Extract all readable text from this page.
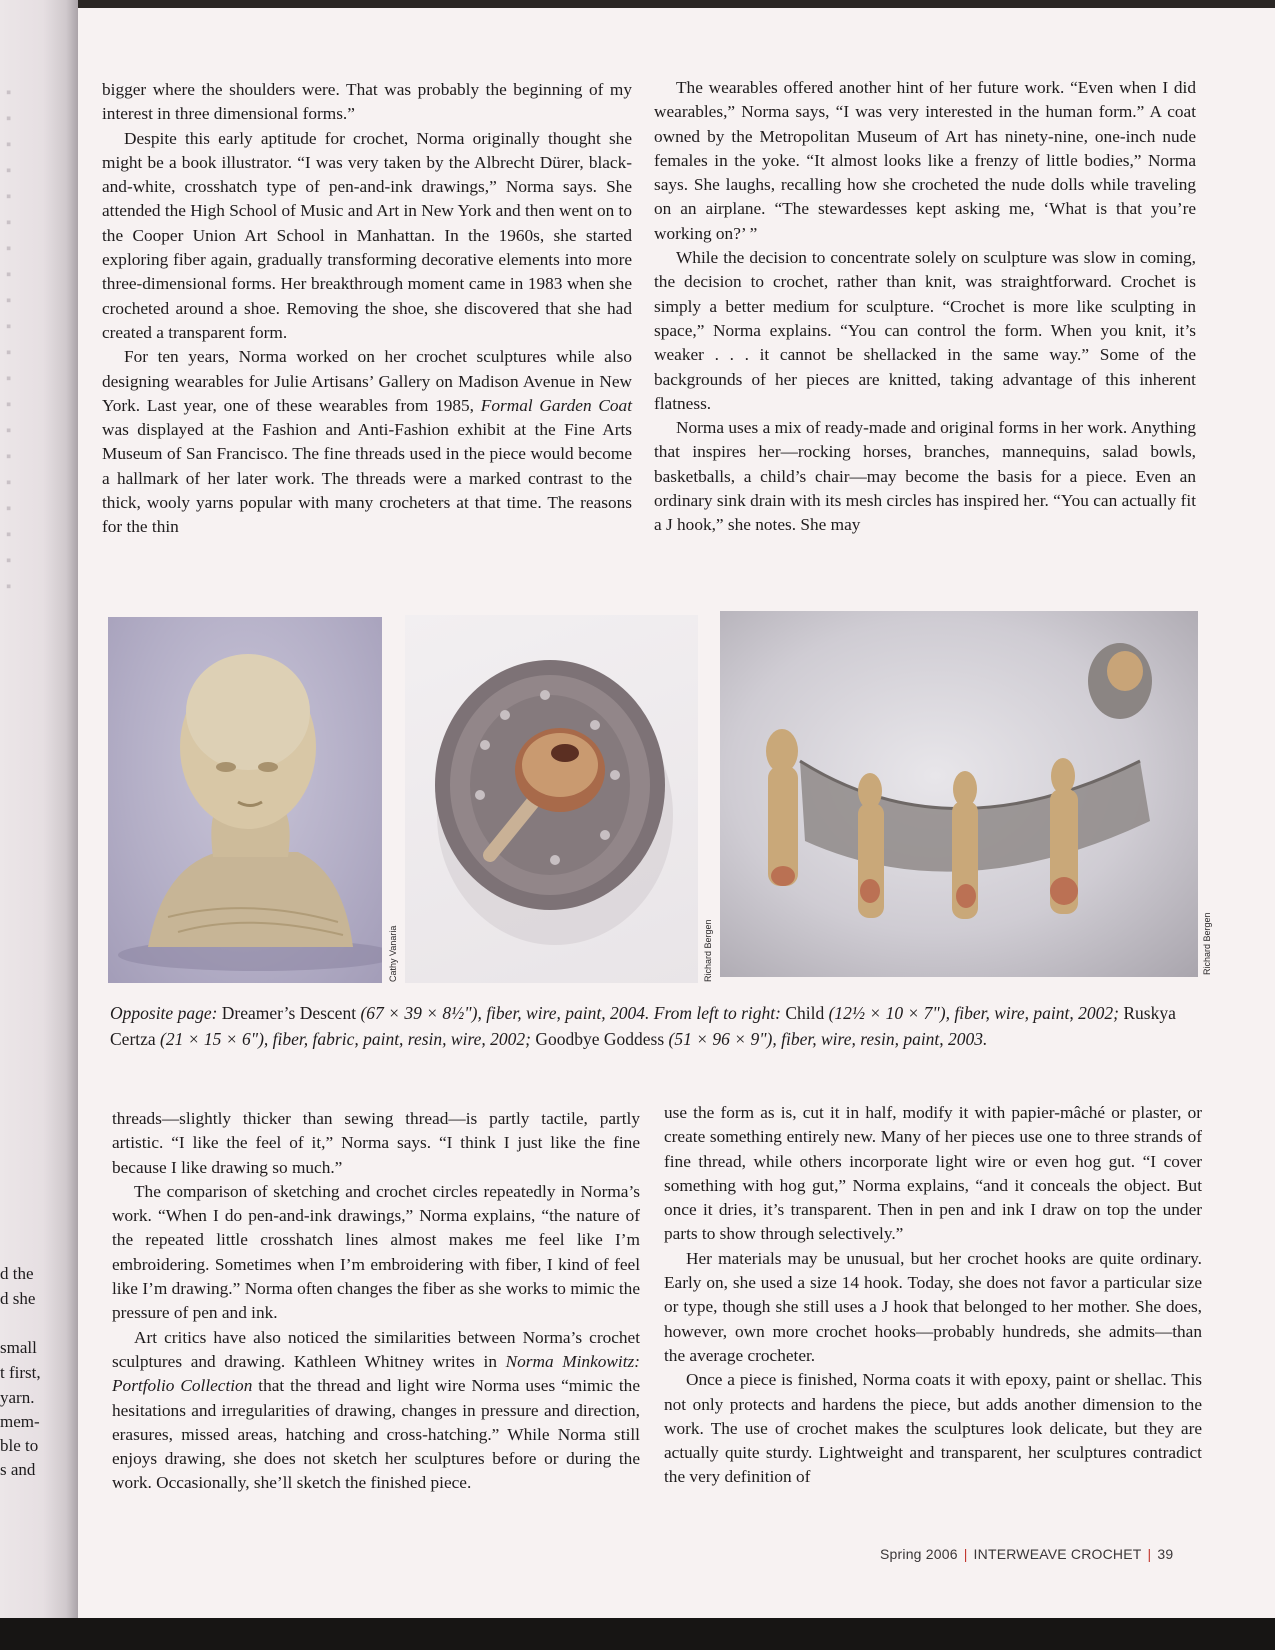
▪
▪
▪
▪
▪
▪
▪
▪
▪
▪
▪
▪
▪
▪
▪
▪
▪
▪
▪
▪
d the
d she
small
t first,
yarn.
mem-
ble to
s and

bigger where the shoulders were. That was probably the beginning of my interest in three dimensional forms.”

Despite this early aptitude for crochet, Norma originally thought she might be a book illustrator. “I was very taken by the Albrecht Dürer, black-and-white, crosshatch type of pen-and-ink drawings,” Norma says. She attended the High School of Music and Art in New York and then went on to the Cooper Union Art School in Manhattan. In the 1960s, she started exploring fiber again, gradually transforming decorative elements into more three-dimensional forms. Her breakthrough moment came in 1983 when she crocheted around a shoe. Removing the shoe, she discovered that she had created a transparent form.

For ten years, Norma worked on her crochet sculptures while also designing wearables for Julie Artisans’ Gallery on Madison Avenue in New York. Last year, one of these wearables from 1985, Formal Garden Coat was displayed at the Fashion and Anti-Fashion exhibit at the Fine Arts Museum of San Francisco. The fine threads used in the piece would become a hallmark of her later work. The threads were a marked contrast to the thick, wooly yarns popular with many crocheters at that time. The reasons for the thin

The wearables offered another hint of her future work. “Even when I did wearables,” Norma says, “I was very interested in the human form.” A coat owned by the Metropolitan Museum of Art has ninety-nine, one-inch nude females in the yoke. “It almost looks like a frenzy of little bodies,” Norma says. She laughs, recalling how she crocheted the nude dolls while traveling on an airplane. “The stewardesses kept asking me, ‘What is that you’re working on?’ ”

While the decision to concentrate solely on sculpture was slow in coming, the decision to crochet, rather than knit, was straightforward. Crochet is simply a better medium for sculpture. “Crochet is more like sculpting in space,” Norma explains. “You can control the form. When you knit, it’s weaker . . . it cannot be shellacked in the same way.” Some of the backgrounds of her pieces are knitted, taking advantage of this inherent flatness.

Norma uses a mix of ready-made and original forms in her work. Anything that inspires her—rocking horses, branches, mannequins, salad bowls, basketballs, a child’s chair—may become the basis for a piece. Even an ordinary sink drain with its mesh circles has inspired her. “You can actually fit a J hook,” she notes. She may

Cathy Vanaria	Richard Bergen	Richard Bergen
Opposite page: Dreamer’s Descent (67 × 39 × 8½"), fiber, wire, paint, 2004. From left to right: Child (12½ × 10 × 7"), fiber, wire, paint, 2002; Ruskya Certza (21 × 15 × 6"), fiber, fabric, paint, resin, wire, 2002; Goodbye Goddess (51 × 96 × 9"), fiber, wire, resin, paint, 2003.

threads—slightly thicker than sewing thread—is partly tactile, partly artistic. “I like the feel of it,” Norma says. “I think I just like the fine because I like drawing so much.”

The comparison of sketching and crochet circles repeatedly in Norma’s work. “When I do pen-and-ink drawings,” Norma explains, “the nature of the repeated little crosshatch lines almost makes me feel like I’m embroidering. Sometimes when I’m embroidering with fiber, I kind of feel like I’m drawing.” Norma often changes the fiber as she works to mimic the pressure of pen and ink.

Art critics have also noticed the similarities between Norma’s crochet sculptures and drawing. Kathleen Whitney writes in Norma Minkowitz: Portfolio Collection that the thread and light wire Norma uses “mimic the hesitations and irregularities of drawing, changes in pressure and direction, erasures, missed areas, hatching and cross-hatching.” While Norma still enjoys drawing, she does not sketch her sculptures before or during the work. Occasionally, she’ll sketch the finished piece.

use the form as is, cut it in half, modify it with papier-mâché or plaster, or create something entirely new. Many of her pieces use one to three strands of fine thread, while others incorporate light wire or even hog gut. “I cover something with hog gut,” Norma explains, “and it conceals the object. But once it dries, it’s transparent. Then in pen and ink I draw on top the under parts to show through selectively.”

Her materials may be unusual, but her crochet hooks are quite ordinary. Early on, she used a size 14 hook. Today, she does not favor a particular size or type, though she still uses a J hook that belonged to her mother. She does, however, own more crochet hooks—probably hundreds, she admits—than the average crocheter.

Once a piece is finished, Norma coats it with epoxy, paint or shellac. This not only protects and hardens the piece, but adds another dimension to the work. The use of crochet makes the sculptures look delicate, but they are actually quite sturdy. Lightweight and transparent, her sculptures contradict the very definition of

Spring 2006 | INTERWEAVE CROCHET | 39
